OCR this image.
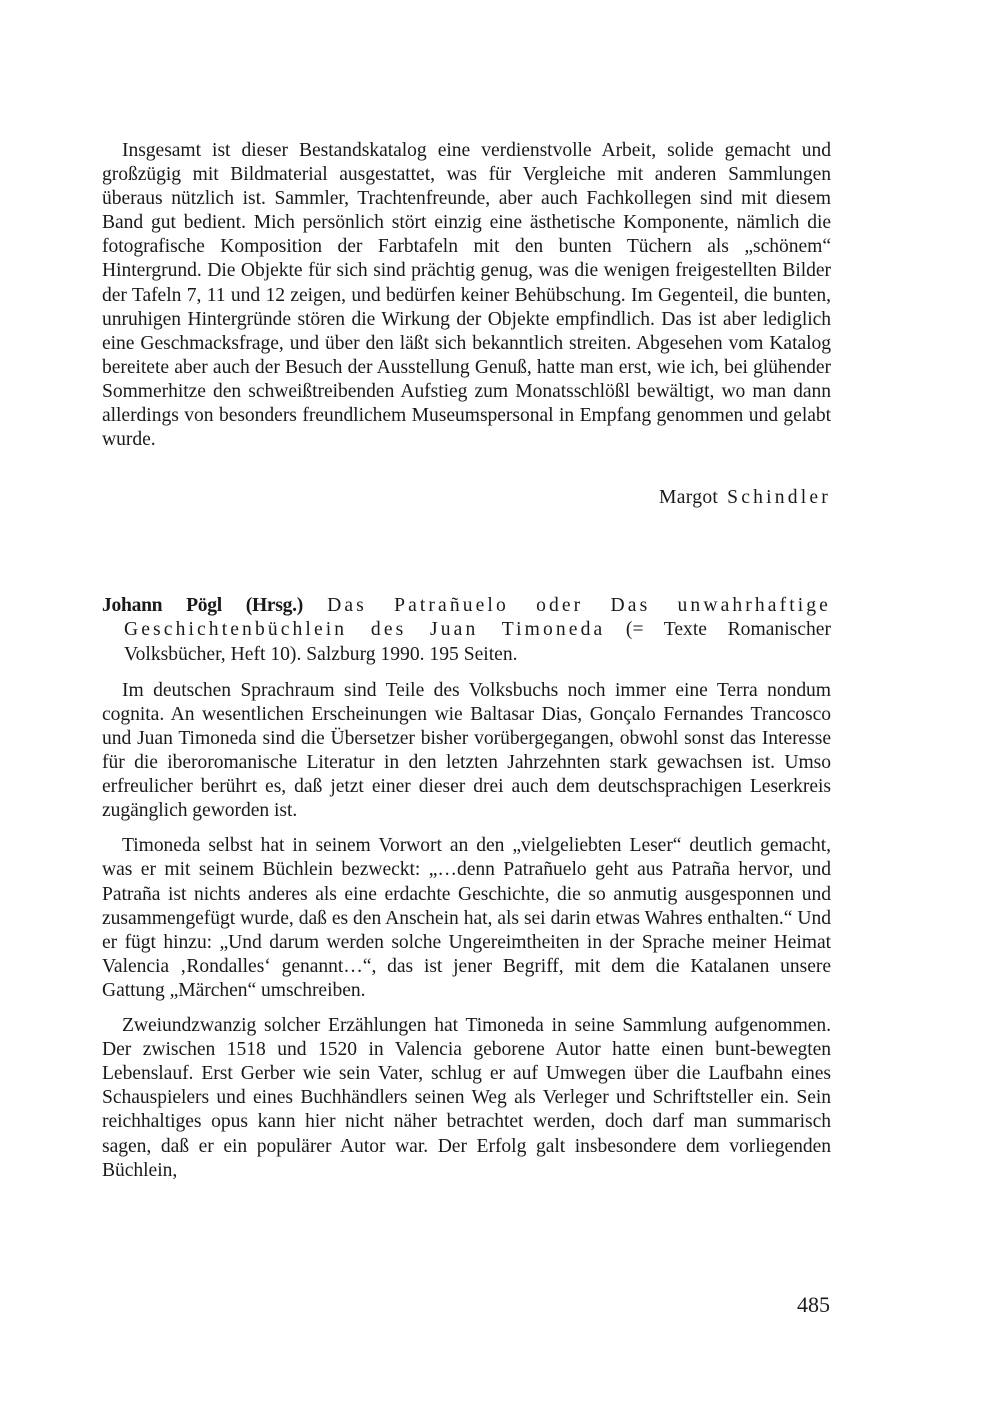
Insgesamt ist dieser Bestandskatalog eine verdienstvolle Arbeit, solide gemacht und großzügig mit Bildmaterial ausgestattet, was für Vergleiche mit anderen Sammlungen überaus nützlich ist. Sammler, Trachtenfreunde, aber auch Fachkollegen sind mit diesem Band gut bedient. Mich persönlich stört einzig eine ästhetische Komponente, nämlich die fotografische Komposition der Farbtafeln mit den bunten Tüchern als „schönem“ Hintergrund. Die Objekte für sich sind prächtig genug, was die wenigen freigestellten Bilder der Tafeln 7, 11 und 12 zeigen, und bedürfen keiner Behübschung. Im Gegenteil, die bunten, unruhigen Hintergründe stören die Wirkung der Objekte empfindlich. Das ist aber lediglich eine Geschmacksfrage, und über den läßt sich bekanntlich streiten. Abgesehen vom Katalog bereitete aber auch der Besuch der Ausstellung Genuß, hatte man erst, wie ich, bei glühender Sommerhitze den schweißtreibenden Aufstieg zum Monatsschlößl bewältigt, wo man dann allerdings von besonders freundlichem Museumspersonal in Empfang genommen und gelabt wurde.

Margot Schindler
Johann Pögl (Hrsg.) Das Patrañuelo oder Das unwahrhaftige Geschichtenbüchlein des Juan Timoneda (= Texte Romanischer Volksbücher, Heft 10). Salzburg 1990. 195 Seiten.

Im deutschen Sprachraum sind Teile des Volksbuchs noch immer eine Terra nondum cognita. An wesentlichen Erscheinungen wie Baltasar Dias, Gonçalo Fernandes Trancosco und Juan Timoneda sind die Übersetzer bisher vorübergegangen, obwohl sonst das Interesse für die iberoromanische Literatur in den letzten Jahrzehnten stark gewachsen ist. Umso erfreulicher berührt es, daß jetzt einer dieser drei auch dem deutschsprachigen Leserkreis zugänglich geworden ist.

Timoneda selbst hat in seinem Vorwort an den „vielgeliebten Leser“ deutlich gemacht, was er mit seinem Büchlein bezweckt: „…denn Patrañuelo geht aus Patraña hervor, und Patraña ist nichts anderes als eine erdachte Geschichte, die so anmutig ausgesponnen und zusammengefügt wurde, daß es den Anschein hat, als sei darin etwas Wahres enthalten.“ Und er fügt hinzu: „Und darum werden solche Ungereimtheiten in der Sprache meiner Heimat Valencia ‚Rondalles‘ genannt…“, das ist jener Begriff, mit dem die Katalanen unsere Gattung „Märchen“ umschreiben.

Zweiundzwanzig solcher Erzählungen hat Timoneda in seine Sammlung aufgenommen. Der zwischen 1518 und 1520 in Valencia geborene Autor hatte einen bunt-bewegten Lebenslauf. Erst Gerber wie sein Vater, schlug er auf Umwegen über die Laufbahn eines Schauspielers und eines Buchhändlers seinen Weg als Verleger und Schriftsteller ein. Sein reichhaltiges opus kann hier nicht näher betrachtet werden, doch darf man summarisch sagen, daß er ein populärer Autor war. Der Erfolg galt insbesondere dem vorliegenden Büchlein,

485
